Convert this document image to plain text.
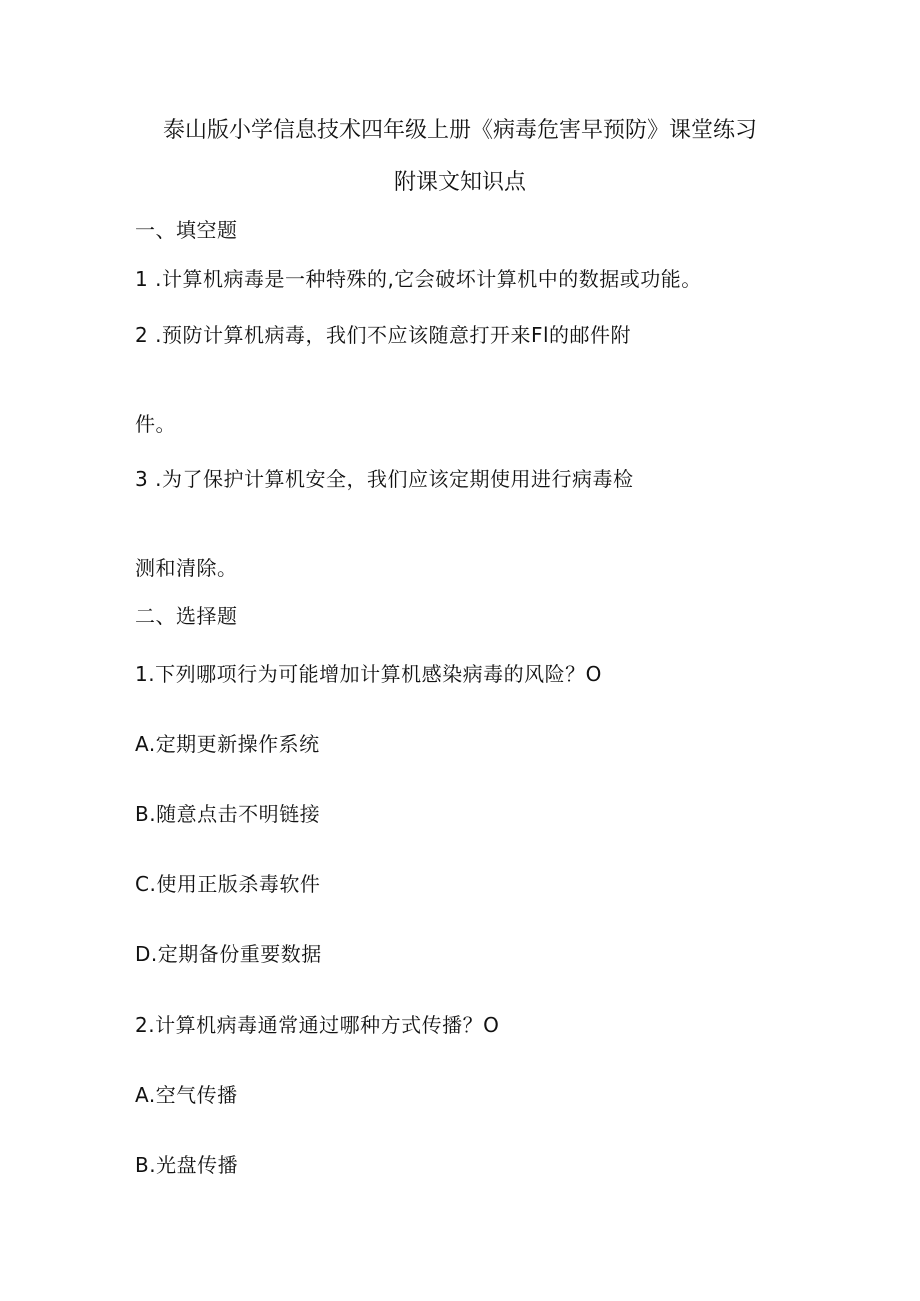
泰山版小学信息技术四年级上册《病毒危害早预防》课堂练习
附课文知识点
一、填空题
1 .计算机病毒是一种特殊的,它会破坏计算机中的数据或功能。
2 .预防计算机病毒，我们不应该随意打开来Fl的邮件附
件。
3 .为了保护计算机安全，我们应该定期使用进行病毒检
测和清除。
二、选择题
1.下列哪项行为可能增加计算机感染病毒的风险？O
A.定期更新操作系统
B.随意点击不明链接
C.使用正版杀毒软件
D.定期备份重要数据
2.计算机病毒通常通过哪种方式传播？O
A.空气传播
B.光盘传播
